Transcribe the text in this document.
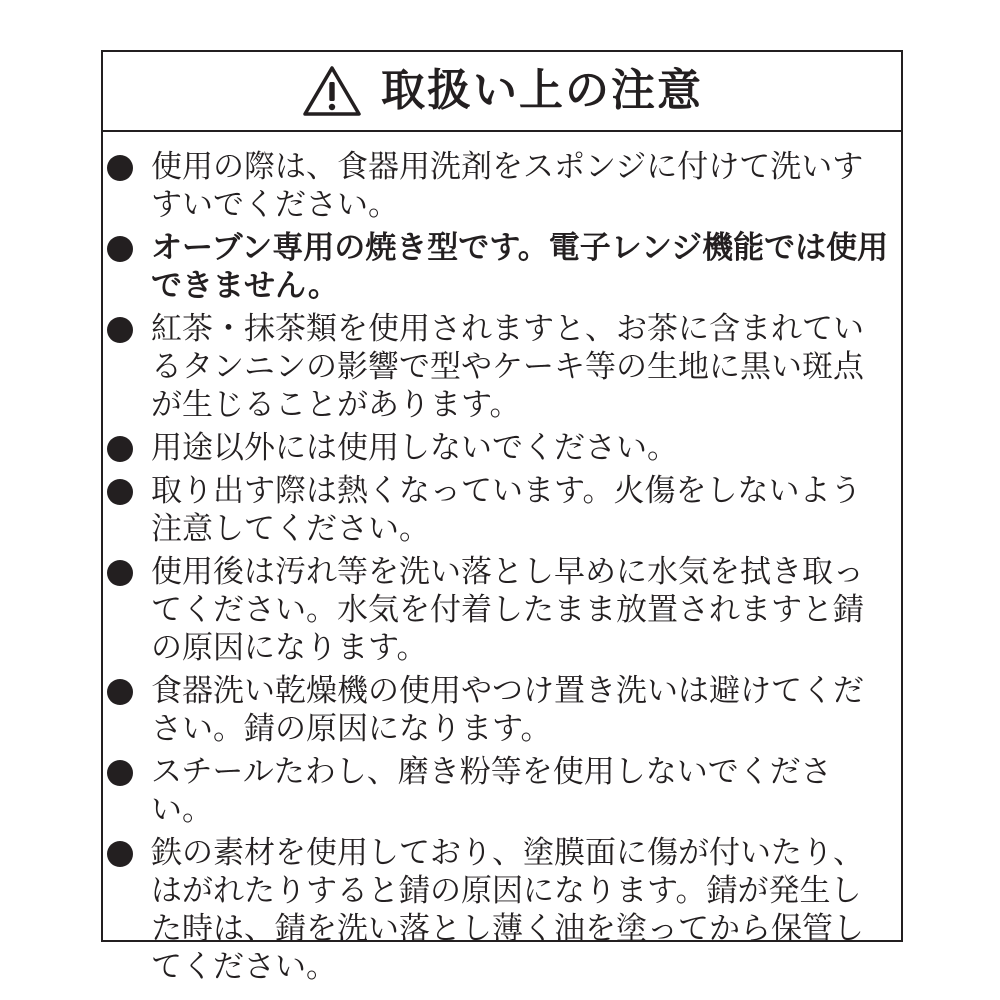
取扱い上の注意
使用の際は、食器用洗剤をスポンジに付けて洗いすすいでください。
オーブン専用の焼き型です。電子レンジ機能では使用できません。
紅茶・抹茶類を使用されますと、お茶に含まれているタンニンの影響で型やケーキ等の生地に黒い斑点が生じることがあります。
用途以外には使用しないでください。
取り出す際は熱くなっています。火傷をしないよう注意してください。
使用後は汚れ等を洗い落とし早めに水気を拭き取ってください。水気を付着したまま放置されますと錆の原因になります。
食器洗い乾燥機の使用やつけ置き洗いは避けてください。錆の原因になります。
スチールたわし、磨き粉等を使用しないでください。
鉄の素材を使用しており、塗膜面に傷が付いたり、はがれたりすると錆の原因になります。錆が発生した時は、錆を洗い落とし薄く油を塗ってから保管してください。
